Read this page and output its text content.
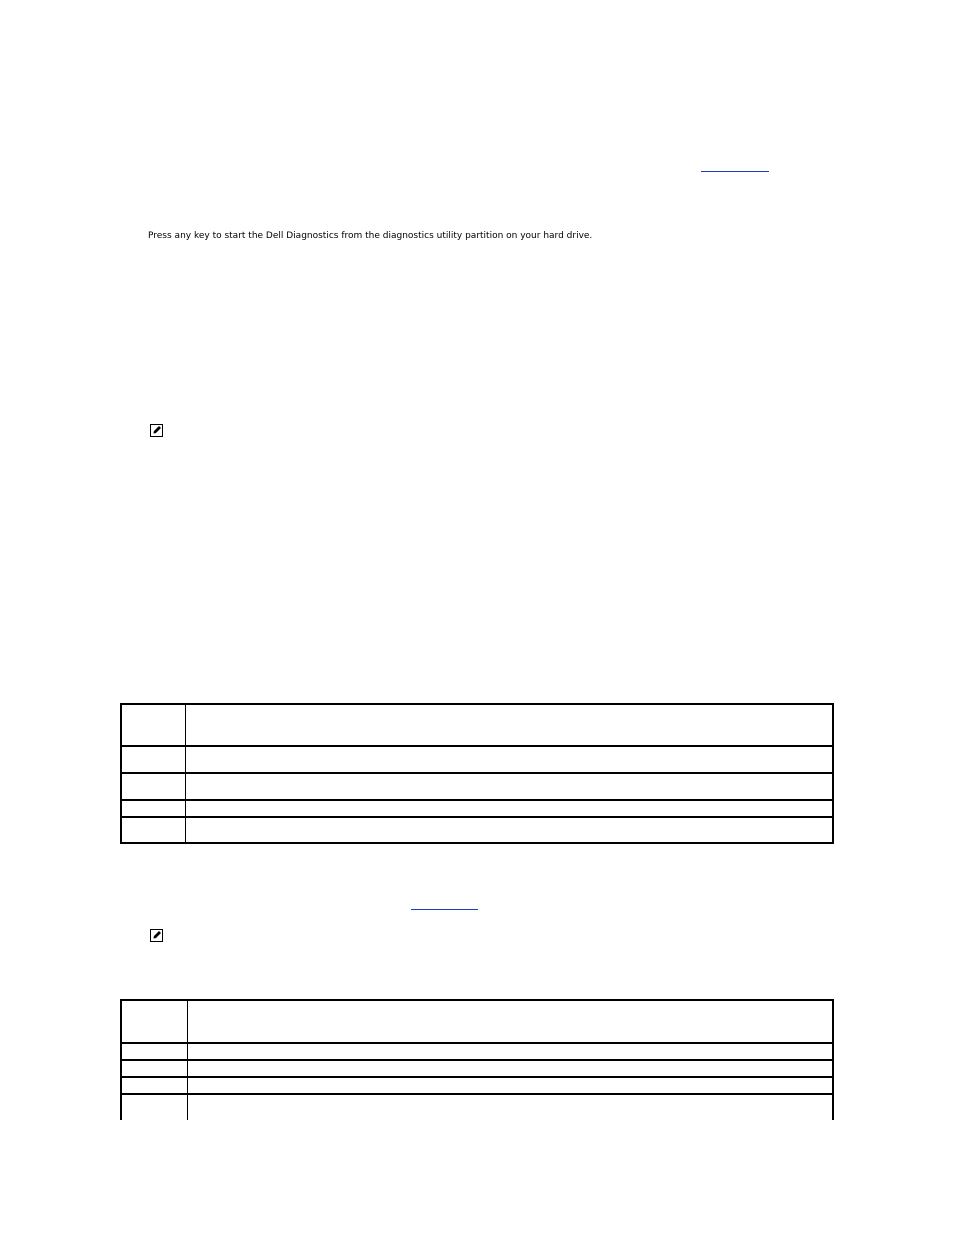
Press any key to start the Dell Diagnostics from the diagnostics utility partition on your hard drive.
